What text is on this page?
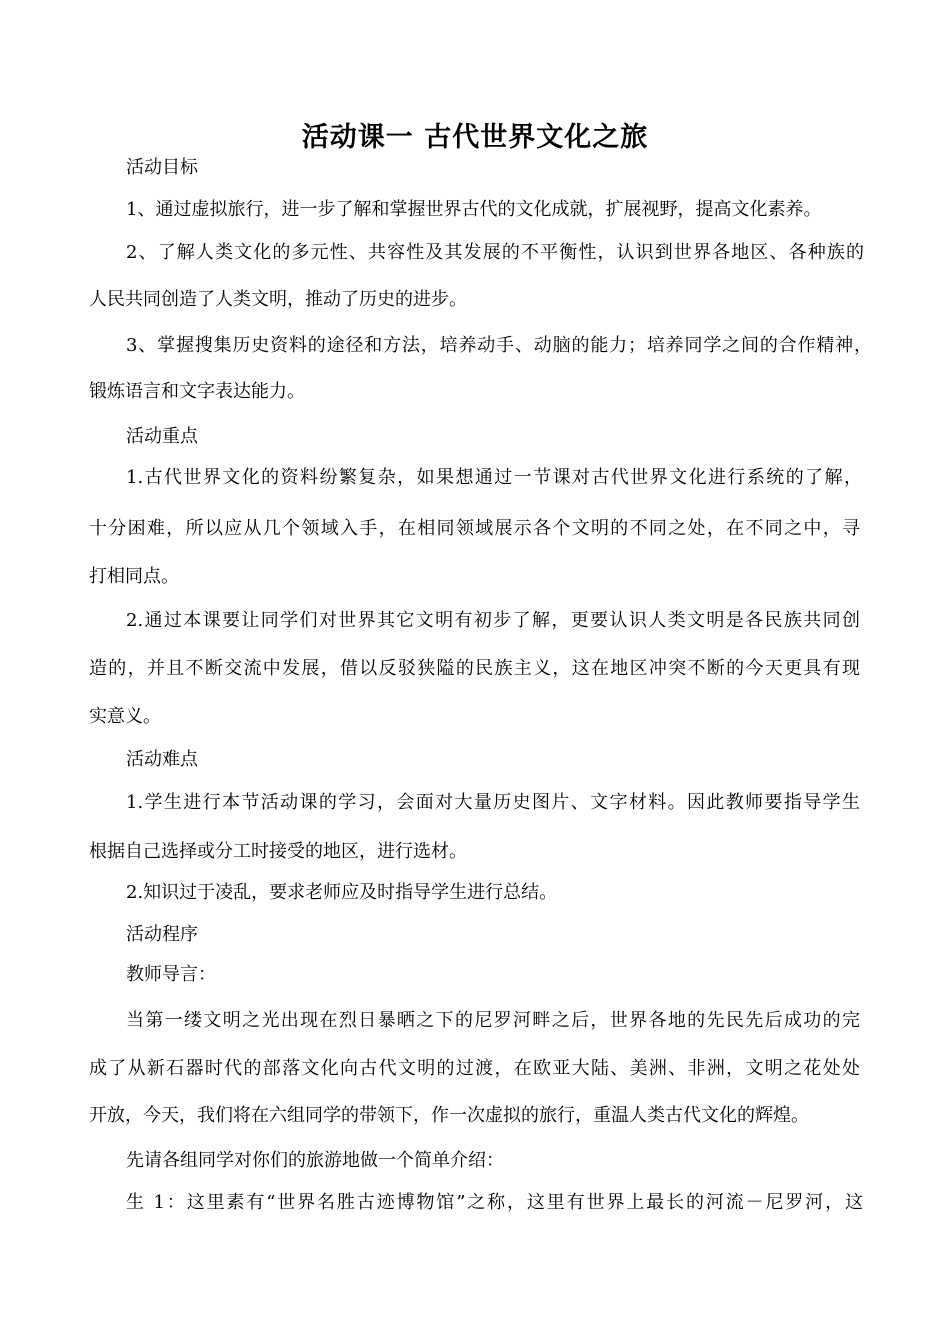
活动课一 古代世界文化之旅
活动目标
1、通过虚拟旅行，进一步了解和掌握世界古代的文化成就，扩展视野，提高文化素养。
2、了解人类文化的多元性、共容性及其发展的不平衡性，认识到世界各地区、各种族的
人民共同创造了人类文明，推动了历史的进步。
3、掌握搜集历史资料的途径和方法，培养动手、动脑的能力；培养同学之间的合作精神，
锻炼语言和文字表达能力。
活动重点
1.古代世界文化的资料纷繁复杂，如果想通过一节课对古代世界文化进行系统的了解，
十分困难，所以应从几个领域入手，在相同领域展示各个文明的不同之处，在不同之中，寻
打相同点。
2.通过本课要让同学们对世界其它文明有初步了解，更要认识人类文明是各民族共同创
造的，并且不断交流中发展，借以反驳狭隘的民族主义，这在地区冲突不断的今天更具有现
实意义。
活动难点
1.学生进行本节活动课的学习，会面对大量历史图片、文字材料。因此教师要指导学生
根据自己选择或分工时接受的地区，进行选材。
2.知识过于凌乱，要求老师应及时指导学生进行总结。
活动程序
教师导言：
当第一缕文明之光出现在烈日暴晒之下的尼罗河畔之后，世界各地的先民先后成功的完
成了从新石器时代的部落文化向古代文明的过渡，在欧亚大陆、美洲、非洲，文明之花处处
开放，今天，我们将在六组同学的带领下，作一次虚拟的旅行，重温人类古代文化的辉煌。
先请各组同学对你们的旅游地做一个简单介绍：
生 1：这里素有“世界名胜古迹博物馆”之称，这里有世界上最长的河流－尼罗河，这
